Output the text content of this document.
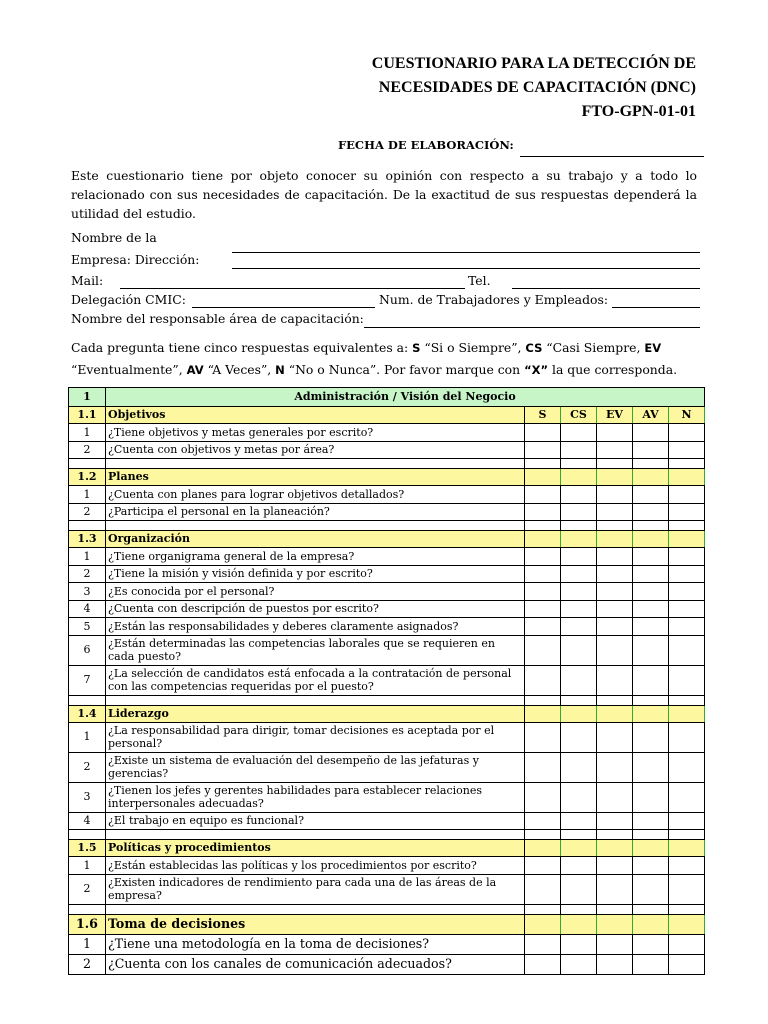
CUESTIONARIO PARA LA DETECCIÓN DE
NECESIDADES DE CAPACITACIÓN (DNC)
FTO-GPN-01-01
FECHA DE ELABORACIÓN:
Este cuestionario tiene por objeto conocer su opinión con respecto a su trabajo y a todo lo relacionado con sus necesidades de capacitación. De la exactitud de sus respuestas dependerá la utilidad del estudio.
Nombre de la
Empresa: Dirección:
Mail:	Tel.
Delegación CMIC:	Num. de Trabajadores y Empleados:
Nombre del responsable área de capacitación:
Cada pregunta tiene cinco respuestas equivalentes a: S “Si o Siempre”, CS “Casi Siempre, EV
“Eventualmente”, AV “A Veces”, N “No o Nunca”. Por favor marque con “X” la que corresponda.
1	Administración / Visión del Negocio					
1.1	Objetivos	S	CS	EV	AV	N
1	¿Tiene objetivos y metas generales por escrito?					
2	¿Cuenta con objetivos y metas por área?					

1.2	Planes					
1	¿Cuenta con planes para lograr objetivos detallados?					
2	¿Participa el personal en la planeación?					

1.3	Organización					
1	¿Tiene organigrama general de la empresa?					
2	¿Tiene la misión y visión definida y por escrito?					
3	¿Es conocida por el personal?					
4	¿Cuenta con descripción de puestos por escrito?					
5	¿Están las responsabilidades y deberes claramente asignados?					
6	¿Están determinadas las competencias laborales que se requieren en cada puesto?					
7	¿La selección de candidatos está enfocada a la contratación de personal con las competencias requeridas por el puesto?					

1.4	Liderazgo					
1	¿La responsabilidad para dirigir, tomar decisiones es aceptada por el personal?					
2	¿Existe un sistema de evaluación del desempeño de las jefaturas y gerencias?					
3	¿Tienen los jefes y gerentes habilidades para establecer relaciones interpersonales adecuadas?					
4	¿El trabajo en equipo es funcional?					

1.5	Políticas y procedimientos					
1	¿Están establecidas las políticas y los procedimientos por escrito?					
2	¿Existen indicadores de rendimiento para cada una de las áreas de la empresa?					

1.6	Toma de decisiones					
1	¿Tiene una metodología en la toma de decisiones?					
2	¿Cuenta con los canales de comunicación adecuados?					
